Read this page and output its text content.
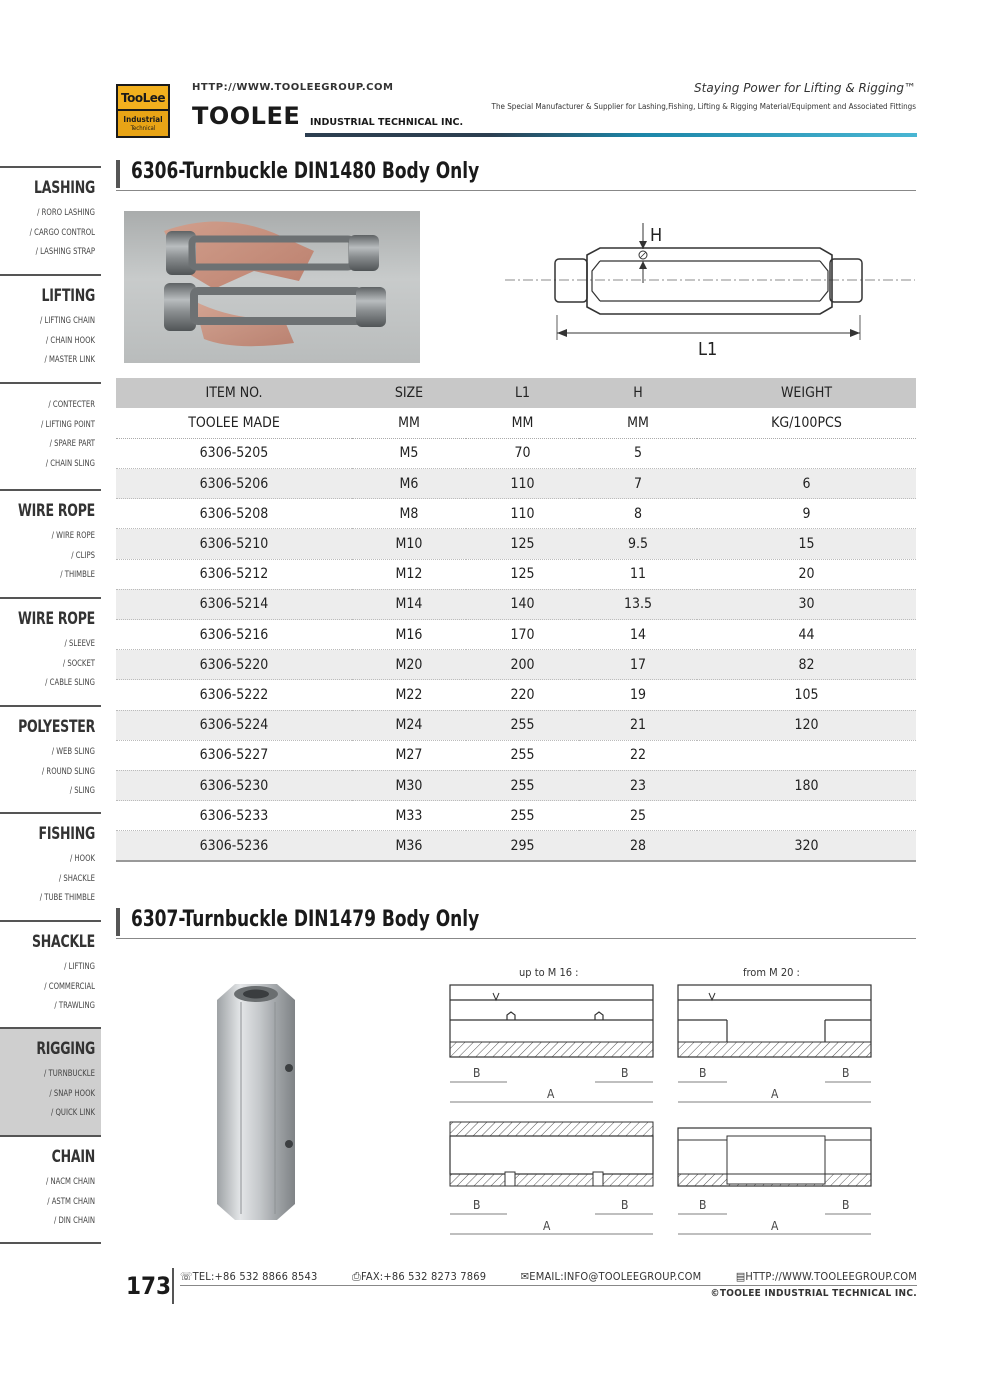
TooLee
Industrial
Technical
HTTP://WWW.TOOLEEGROUP.COM
TOOLEE INDUSTRIAL TECHNICAL INC.
Staying Power for Lifting & Rigging™
The Special Manufacturer & Supplier for Lashing,Fishing, Lifting & Rigging Material/Equipment and Associated Fittings
LASHING
/ RORO LASHING
/ CARGO CONTROL
/ LASHING STRAP
LIFTING
/ LIFTING CHAIN
/ CHAIN HOOK
/ MASTER LINK
/ CONTECTER
/ LIFTING POINT
/ SPARE PART
/ CHAIN SLING
WIRE ROPE
/ WIRE ROPE
/ CLIPS
/ THIMBLE
WIRE ROPE
/ SLEEVE
/ SOCKET
/ CABLE SLING
POLYESTER
/ WEB SLING
/ ROUND SLING
/ SLING
FISHING
/ HOOK
/ SHACKLE
/ TUBE THIMBLE
SHACKLE
/ LIFTING
/ COMMERCIAL
/ TRAWLING
RIGGING
/ TURNBUCKLE
/ SNAP HOOK
/ QUICK LINK
CHAIN
/ NACM CHAIN
/ ASTM CHAIN
/ DIN CHAIN
6306-Turnbuckle DIN1480 Body Only
H
L1
ITEM NO.	SIZE	L1	H	WEIGHT
TOOLEE MADE	MM	MM	MM	KG/100PCS
6306-5205	M5	70	5	
6306-5206	M6	110	7	6
6306-5208	M8	110	8	9
6306-5210	M10	125	9.5	15
6306-5212	M12	125	11	20
6306-5214	M14	140	13.5	30
6306-5216	M16	170	14	44
6306-5220	M20	200	17	82
6306-5222	M22	220	19	105
6306-5224	M24	255	21	120
6306-5227	M27	255	22	
6306-5230	M30	255	23	180
6306-5233	M33	255	25	
6306-5236	M36	295	28	320
6307-Turnbuckle DIN1479 Body Only
up to M 16 :	from M 20 :
B	B
A
B	B
A
B	B
A
B	B
A
173 ☏TEL:+86 532 8866 8543	⎙FAX:+86 532 8273 7869	✉EMAIL:INFO@TOOLEEGROUP.COM	▤HTTP://WWW.TOOLEEGROUP.COM
©TOOLEE INDUSTRIAL TECHNICAL INC.
